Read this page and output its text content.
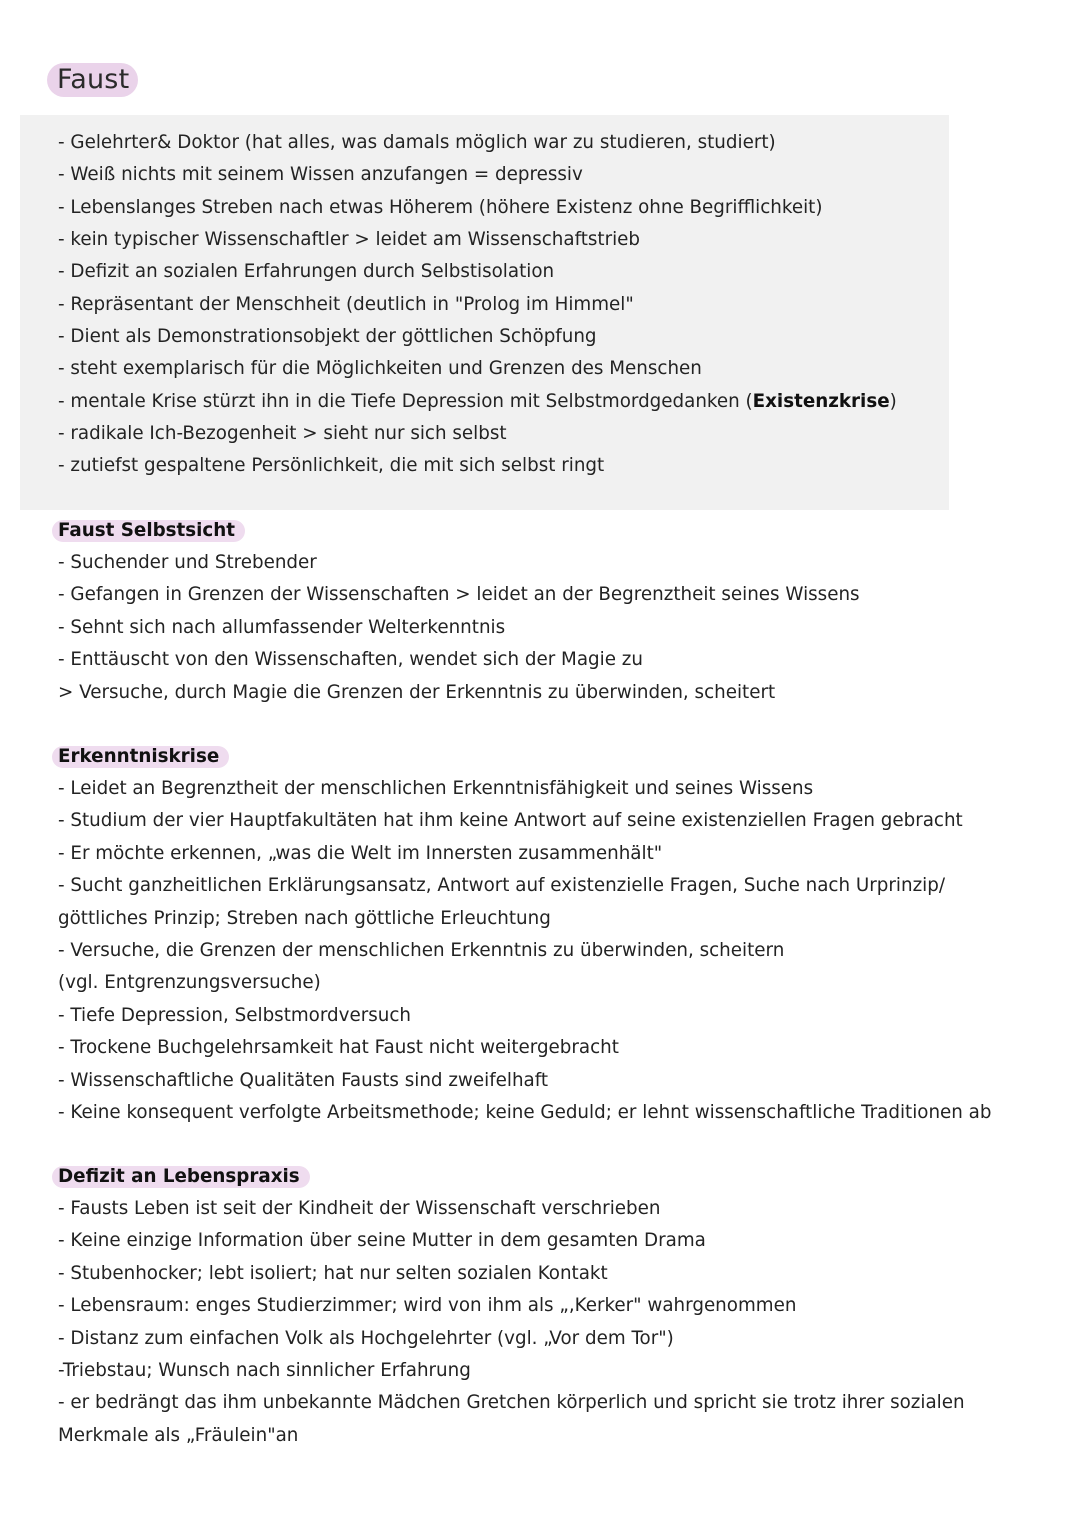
Faust
- Gelehrter& Doktor (hat alles, was damals möglich war zu studieren, studiert)
- Weiß nichts mit seinem Wissen anzufangen = depressiv
- Lebenslanges Streben nach etwas Höherem (höhere Existenz ohne Begrifflichkeit)
- kein typischer Wissenschaftler > leidet am Wissenschaftstrieb
- Defizit an sozialen Erfahrungen durch Selbstisolation
- Repräsentant der Menschheit (deutlich in "Prolog im Himmel"
- Dient als Demonstrationsobjekt der göttlichen Schöpfung
- steht exemplarisch für die Möglichkeiten und Grenzen des Menschen
- mentale Krise stürzt ihn in die Tiefe Depression mit Selbstmordgedanken (Existenzkrise)
- radikale Ich-Bezogenheit > sieht nur sich selbst
- zutiefst gespaltene Persönlichkeit, die mit sich selbst ringt
Faust Selbstsicht
- Suchender und Strebender
- Gefangen in Grenzen der Wissenschaften > leidet an der Begrenztheit seines Wissens
- Sehnt sich nach allumfassender Welterkenntnis
- Enttäuscht von den Wissenschaften, wendet sich der Magie zu
> Versuche, durch Magie die Grenzen der Erkenntnis zu überwinden, scheitert
Erkenntniskrise
- Leidet an Begrenztheit der menschlichen Erkenntnisfähigkeit und seines Wissens
- Studium der vier Hauptfakultäten hat ihm keine Antwort auf seine existenziellen Fragen gebracht
- Er möchte erkennen, „was die Welt im Innersten zusammenhält"
- Sucht ganzheitlichen Erklärungsansatz, Antwort auf existenzielle Fragen, Suche nach Urprinzip/
göttliches Prinzip; Streben nach göttliche Erleuchtung
- Versuche, die Grenzen der menschlichen Erkenntnis zu überwinden, scheitern
(vgl. Entgrenzungsversuche)
- Tiefe Depression, Selbstmordversuch
- Trockene Buchgelehrsamkeit hat Faust nicht weitergebracht
- Wissenschaftliche Qualitäten Fausts sind zweifelhaft
- Keine konsequent verfolgte Arbeitsmethode; keine Geduld; er lehnt wissenschaftliche Traditionen ab
Defizit an Lebenspraxis
- Fausts Leben ist seit der Kindheit der Wissenschaft verschrieben
- Keine einzige Information über seine Mutter in dem gesamten Drama
- Stubenhocker; lebt isoliert; hat nur selten sozialen Kontakt
- Lebensraum: enges Studierzimmer; wird von ihm als „,Kerker" wahrgenommen
- Distanz zum einfachen Volk als Hochgelehrter (vgl. „Vor dem Tor")
-Triebstau; Wunsch nach sinnlicher Erfahrung
- er bedrängt das ihm unbekannte Mädchen Gretchen körperlich und spricht sie trotz ihrer sozialen
Merkmale als „Fräulein"an
